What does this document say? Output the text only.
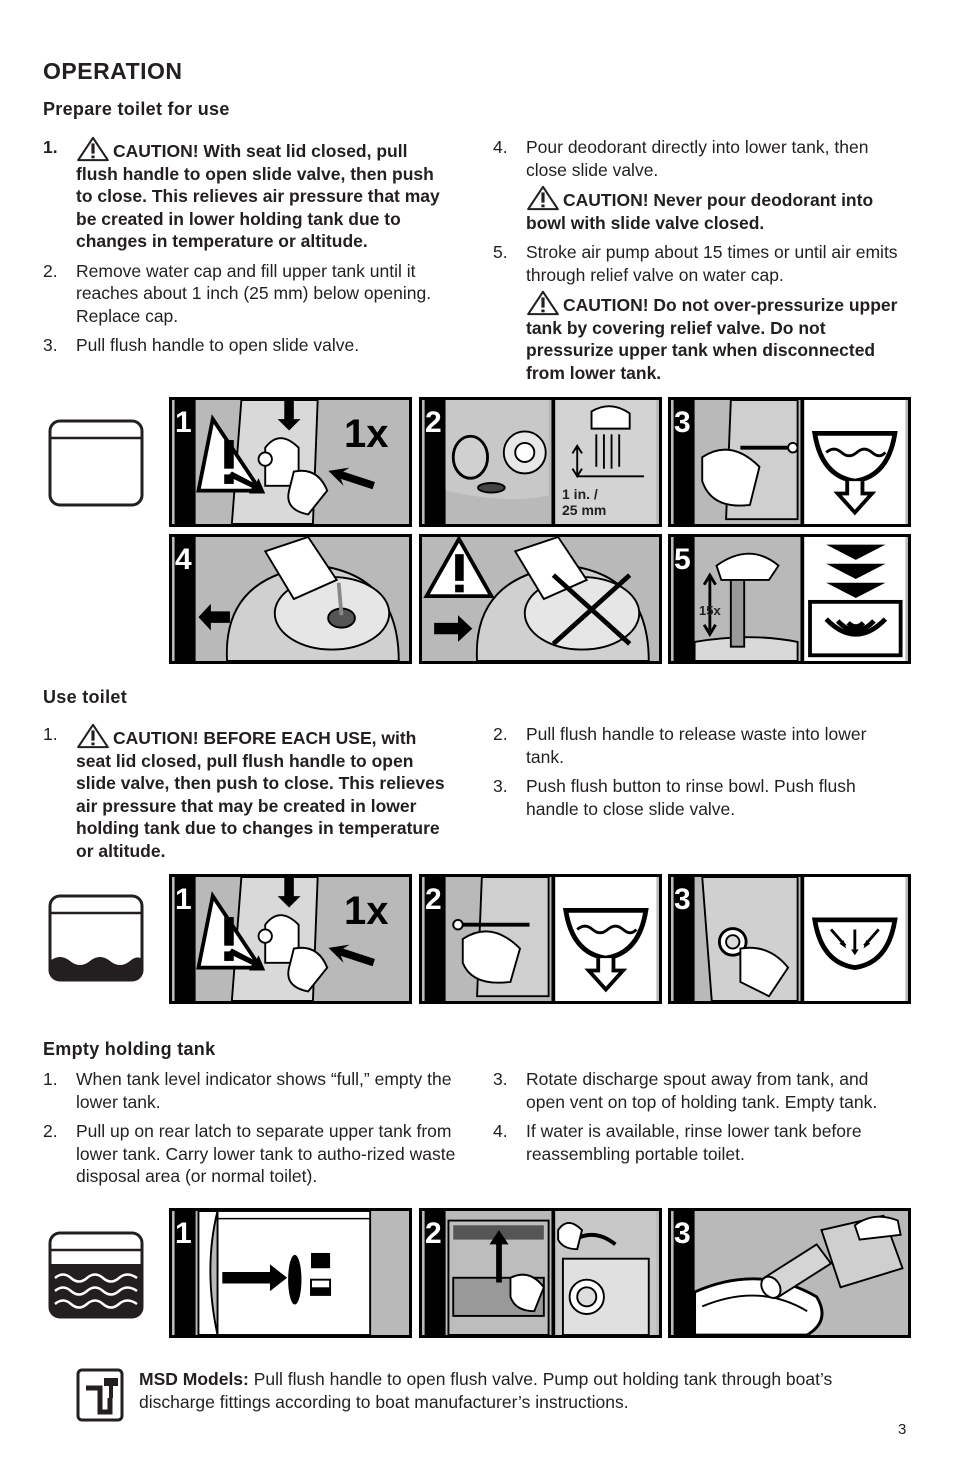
OPERATION
Prepare toilet for use
1.	CAUTION! With seat lid closed, pull flush handle to open slide valve, then push to close. This relieves air pressure that may be created in lower holding tank due to changes in temperature or altitude.
2. Remove water cap and fill upper tank until it reaches about 1 inch (25 mm) below opening. Replace cap.
3. Pull flush handle to open slide valve.
4. Pour deodorant directly into lower tank, then close slide valve.
CAUTION! Never pour deodorant into bowl with slide valve closed.
5. Stroke air pump about 15 times or until air emits through relief valve on water cap.
CAUTION! Do not over-pressurize upper tank by covering relief valve. Do not pressurize upper tank when disconnected from lower tank.
1	1x 2
1 in. /
25 mm
3
4	5
15x
Use toilet
1.	CAUTION! BEFORE EACH USE, with seat lid closed, pull flush handle to open slide valve, then push to close. This relieves air pressure that may be created in lower holding tank due to changes in temperature or altitude.
2. Pull flush handle to release waste into lower tank.
3. Push flush button to rinse bowl. Push flush handle to close slide valve.
1	1x 2	3
Empty holding tank
1. When tank level indicator shows “full,” empty the lower tank.
2. Pull up on rear latch to separate upper tank from lower tank. Carry lower tank to autho-rized waste disposal area (or normal toilet).
3. Rotate discharge spout away from tank, and open vent on top of holding tank. Empty tank.
4. If water is available, rinse lower tank before reassembling portable toilet.
1	2	3
MSD Models: Pull flush handle to open flush valve. Pump out holding tank through boat’s discharge fittings according to boat manufacturer’s instructions.
3
